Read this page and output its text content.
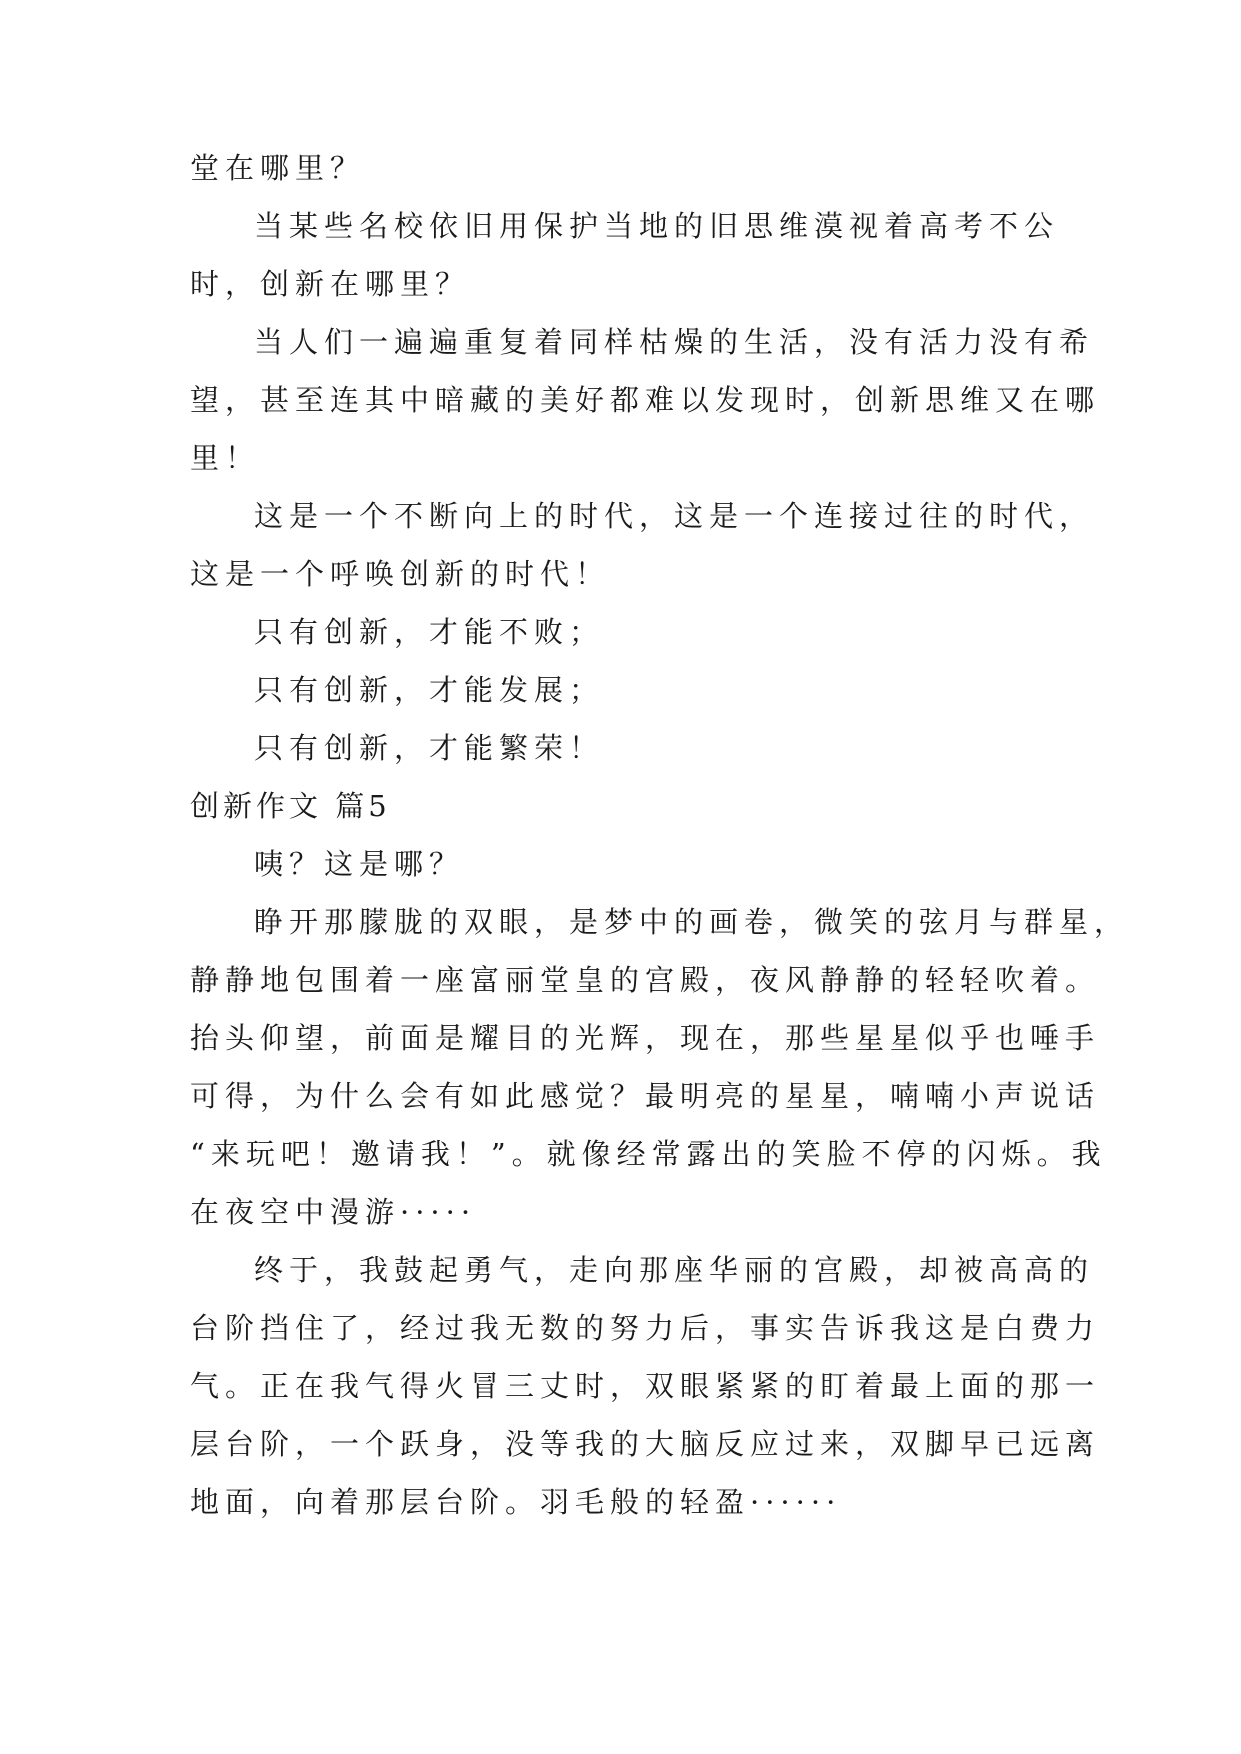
堂在哪里？

当某些名校依旧用保护当地的旧思维漠视着高考不公

时，创新在哪里？

当人们一遍遍重复着同样枯燥的生活，没有活力没有希

望，甚至连其中暗藏的美好都难以发现时，创新思维又在哪

里！

这是一个不断向上的时代，这是一个连接过往的时代，

这是一个呼唤创新的时代！

只有创新，才能不败；

只有创新，才能发展；

只有创新，才能繁荣！

创新作文 篇5

咦？这是哪？

睁开那朦胧的双眼，是梦中的画卷，微笑的弦月与群星，

静静地包围着一座富丽堂皇的宫殿，夜风静静的轻轻吹着。

抬头仰望，前面是耀目的光辉，现在，那些星星似乎也唾手

可得，为什么会有如此感觉？最明亮的星星，喃喃小声说话

“来玩吧！邀请我！”。就像经常露出的笑脸不停的闪烁。我

在夜空中漫游·····

终于，我鼓起勇气，走向那座华丽的宫殿，却被高高的

台阶挡住了，经过我无数的努力后，事实告诉我这是白费力

气。正在我气得火冒三丈时，双眼紧紧的盯着最上面的那一

层台阶，一个跃身，没等我的大脑反应过来，双脚早已远离

地面，向着那层台阶。羽毛般的轻盈······
